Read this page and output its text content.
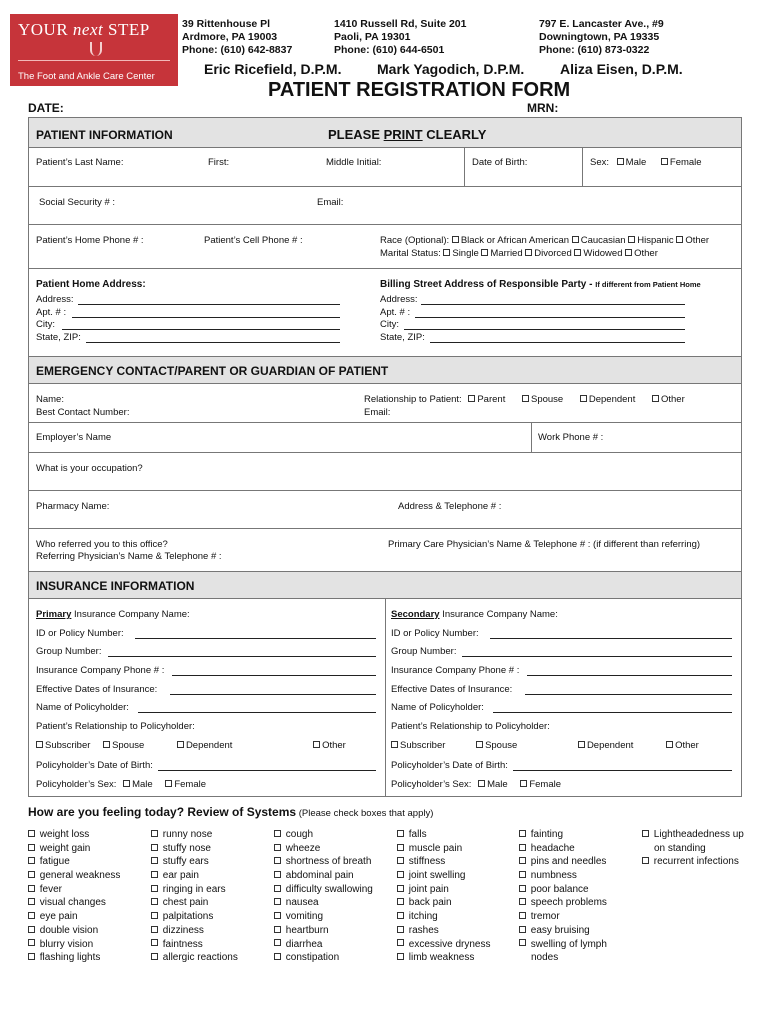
YOUR next STEP
The Foot and Ankle Care Center
39 Rittenhouse Pl
Ardmore, PA 19003
Phone: (610) 642-8837
1410 Russell Rd, Suite 201
Paoli, PA 19301
Phone: (610) 644-6501
797 E. Lancaster Ave., #9
Downingtown, PA 19335
Phone: (610) 873-0322
Eric Ricefield, D.P.M.	Mark Yagodich, D.P.M.	Aliza Eisen, D.P.M.
PATIENT REGISTRATION FORM
DATE:	MRN:
PATIENT INFORMATION	PLEASE PRINT CLEARLY
Patient’s Last Name:	First:	Middle Initial:	Date of Birth:	Sex: Male Female
Social Security # :	Email:
Patient’s Home Phone # :	Patient’s Cell Phone # :	Race (Optional): Black or African American Caucasian Hispanic Other
Marital Status: Single Married Divorced Widowed Other
Patient Home Address:
Address:
Apt. # :
City:
State, ZIP:
Billing Street Address of Responsible Party - If different from Patient Home
Address:
Apt. # :
City:
State, ZIP:
EMERGENCY CONTACT/PARENT OR GUARDIAN OF PATIENT
Name:
Best Contact Number:
Relationship to Patient: Parent	Spouse	Dependent	Other
Email:
Employer’s Name	Work Phone # :
What is your occupation?
Pharmacy Name:	Address & Telephone # :
Who referred you to this office?
Referring Physician’s Name & Telephone # :
Primary Care Physician’s Name & Telephone # : (if different than referring)
INSURANCE INFORMATION
Primary Insurance Company Name:
ID or Policy Number:
Group Number:
Insurance Company Phone # :
Effective Dates of Insurance:
Name of Policyholder:
Patient’s Relationship to Policyholder:
Subscriber Spouse	Dependent	Other
Policyholder’s Date of Birth:
Policyholder’s Sex: Male Female
Secondary Insurance Company Name:
ID or Policy Number:
Group Number:
Insurance Company Phone # :
Effective Dates of Insurance:
Name of Policyholder:
Patient’s Relationship to Policyholder:
Subscriber	Spouse	Dependent	Other
Policyholder’s Date of Birth:
Policyholder’s Sex: Male Female
How are you feeling today? Review of Systems (Please check boxes that apply)
weight loss
weight gain
fatigue
general weakness
fever
visual changes
eye pain
double vision
blurry vision
flashing lights
runny nose
stuffy nose
stuffy ears
ear pain
ringing in ears
chest pain
palpitations
dizziness
faintness
allergic reactions
cough
wheeze
shortness of breath
abdominal pain
difficulty swallowing
nausea
vomiting
heartburn
diarrhea
constipation
falls
muscle pain
stiffness
joint swelling
joint pain
back pain
itching
rashes
excessive dryness
limb weakness
fainting
headache
pins and needles
numbness
poor balance
speech problems
tremor
easy bruising
swelling of lymph
nodes
Lightheadedness up
on standing
recurrent infections
